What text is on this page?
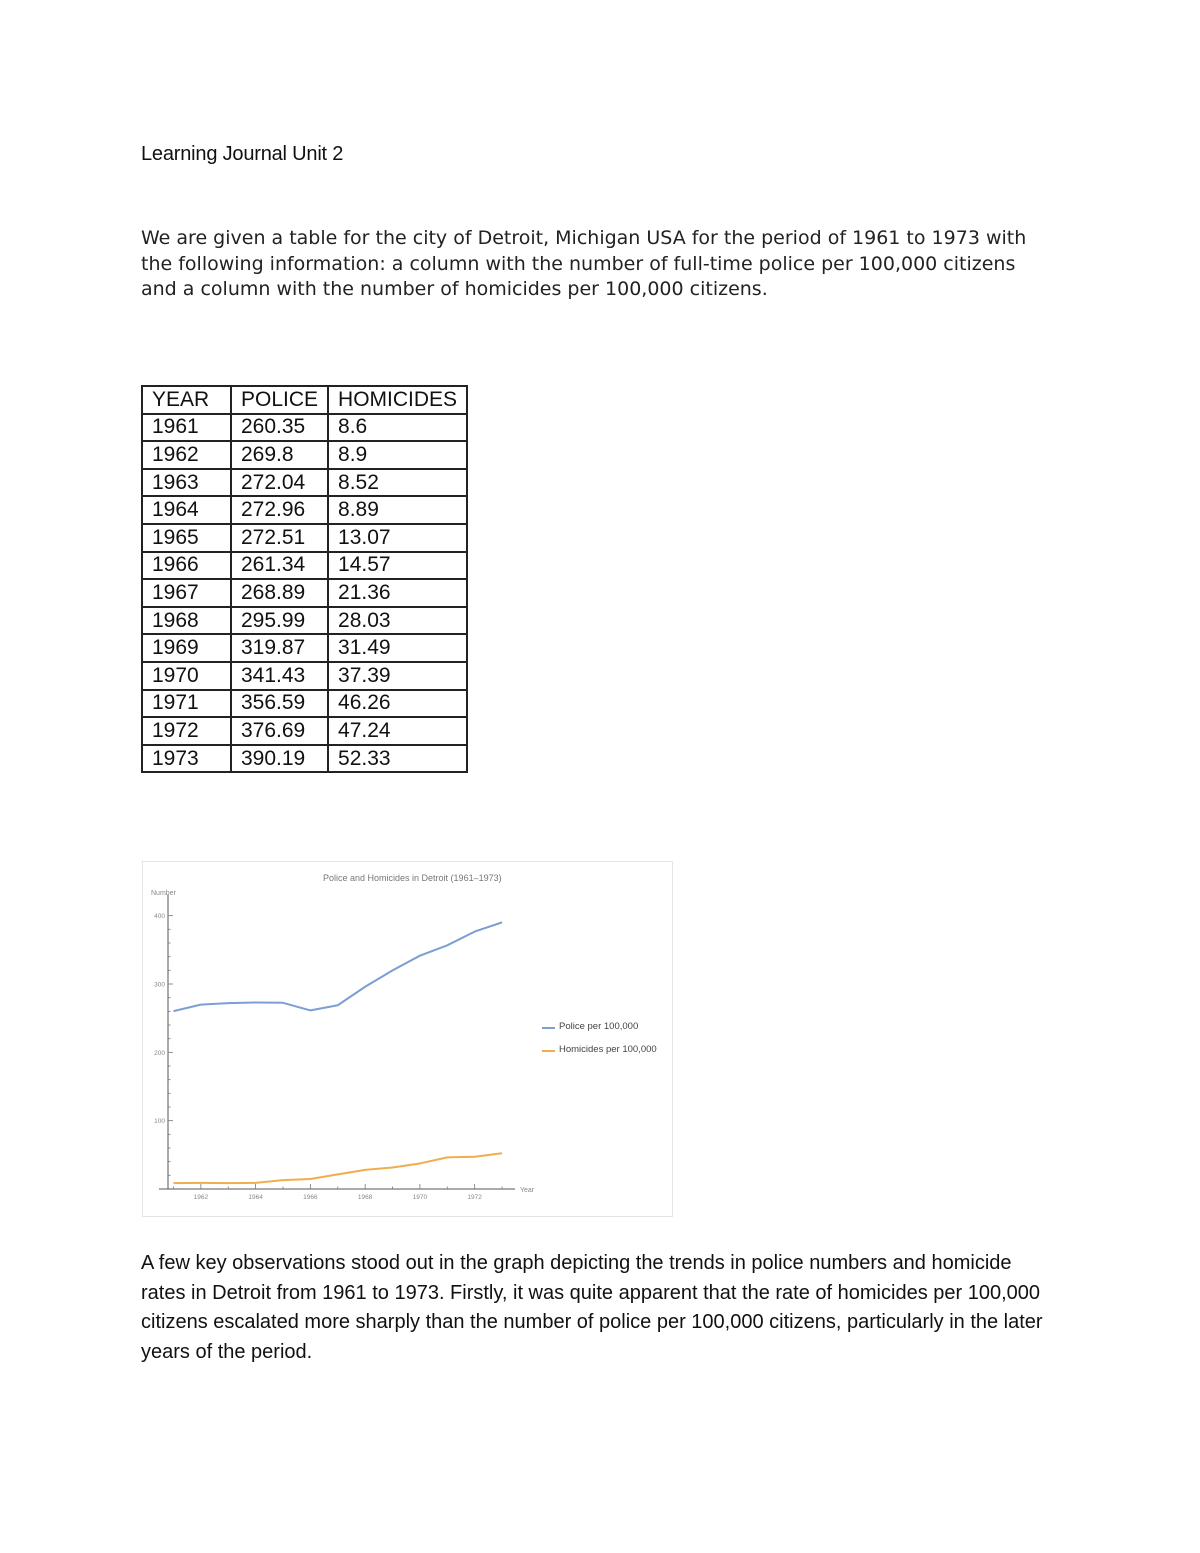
Learning Journal Unit 2
We are given a table for the city of Detroit, Michigan USA for the period of 1961 to 1973 with the following information: a column with the number of full-time police per 100,000 citizens and a column with the number of homicides per 100,000 citizens.
YEAR	POLICE	HOMICIDES
1961	260.35	8.6
1962	269.8	8.9
1963	272.04	8.52
1964	272.96	8.89
1965	272.51	13.07
1966	261.34	14.57
1967	268.89	21.36
1968	295.99	28.03
1969	319.87	31.49
1970	341.43	37.39
1971	356.59	46.26
1972	376.69	47.24
1973	390.19	52.33
Police and Homicides in Detroit (1961–1973)
Number
Year
100
200
300
400
1962	1964	1966	1968	1970	1972
Police per 100,000
Homicides per 100,000
A few key observations stood out in the graph depicting the trends in police numbers and homicide rates in Detroit from 1961 to 1973. Firstly, it was quite apparent that the rate of homicides per 100,000 citizens escalated more sharply than the number of police per 100,000 citizens, particularly in the later years of the period.
